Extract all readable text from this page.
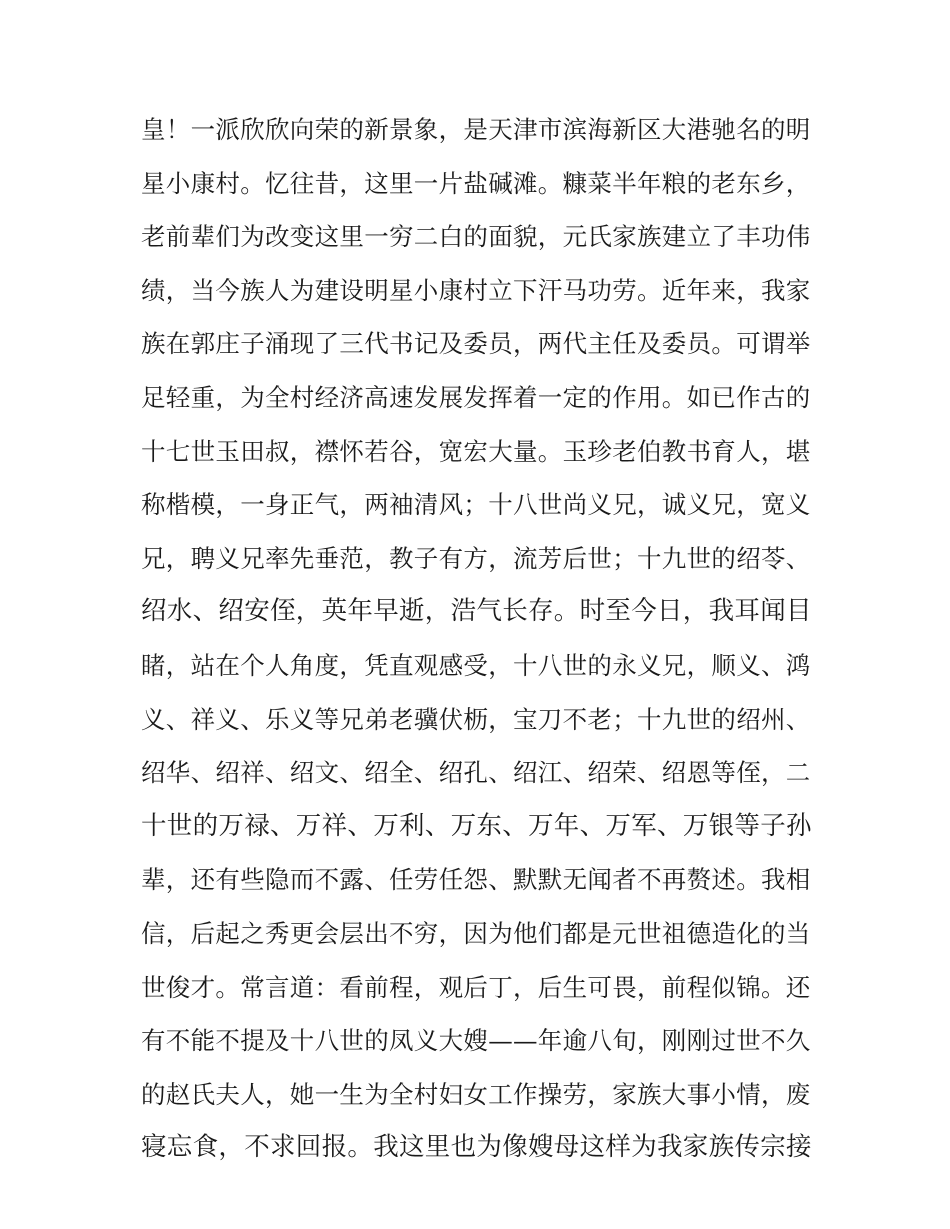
皇！一派欣欣向荣的新景象，是天津市滨海新区大港驰名的明
星小康村。忆往昔，这里一片盐碱滩。糠菜半年粮的老东乡，
老前辈们为改变这里一穷二白的面貌，元氏家族建立了丰功伟
绩，当今族人为建设明星小康村立下汗马功劳。近年来，我家
族在郭庄子涌现了三代书记及委员，两代主任及委员。可谓举
足轻重，为全村经济高速发展发挥着一定的作用。如已作古的
十七世玉田叔，襟怀若谷，宽宏大量。玉珍老伯教书育人，堪
称楷模，一身正气，两袖清风；十八世尚义兄，诚义兄，宽义
兄，聘义兄率先垂范，教子有方，流芳后世；十九世的绍苓、
绍水、绍安侄，英年早逝，浩气长存。时至今日，我耳闻目
睹，站在个人角度，凭直观感受，十八世的永义兄，顺义、鸿
义、祥义、乐义等兄弟老骥伏枥，宝刀不老；十九世的绍州、
绍华、绍祥、绍文、绍全、绍孔、绍江、绍荣、绍恩等侄，二
十世的万禄、万祥、万利、万东、万年、万军、万银等子孙
辈，还有些隐而不露、任劳任怨、默默无闻者不再赘述。我相
信，后起之秀更会层出不穷，因为他们都是元世祖德造化的当
世俊才。常言道：看前程，观后丁，后生可畏，前程似锦。还
有不能不提及十八世的凤义大嫂——年逾八旬，刚刚过世不久
的赵氏夫人，她一生为全村妇女工作操劳，家族大事小情，废
寝忘食，不求回报。我这里也为像嫂母这样为我家族传宗接
